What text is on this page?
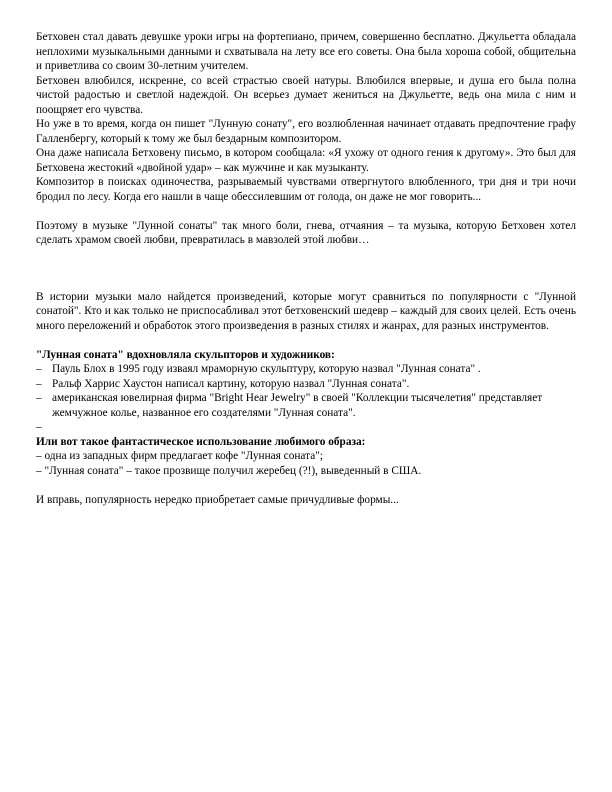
Бетховен стал давать девушке уроки игры на фортепиано, причем, совершенно бесплатно. Джульетта обладала неплохими музыкальными данными и схватывала на лету все его советы. Она была хороша собой, общительна и приветлива со своим 30-летним учителем.

Бетховен влюбился, искренне, со всей страстью своей натуры. Влюбился впервые, и душа его была полна чистой радостью и светлой надеждой. Он всерьез думает жениться на Джульетте, ведь она мила с ним и поощряет его чувства.

Но уже в то время, когда он пишет "Лунную сонату", его возлюбленная начинает отдавать предпочтение графу Галленбергу, который к тому же был бездарным композитором.

Она даже написала Бетховену письмо, в котором сообщала: «Я ухожу от одного гения к другому». Это был для Бетховена жестокий «двойной удар» – как мужчине и как музыканту.

Композитор в поисках одиночества, разрываемый чувствами отвергнутого влюбленного, три дня и три ночи бродил по лесу. Когда его нашли в чаще обессилевшим от голода, он даже не мог говорить...

Поэтому в музыке "Лунной сонаты" так много боли, гнева, отчаяния – та музыка, которую Бетховен хотел сделать храмом своей любви, превратилась в мавзолей этой любви…

В истории музыки мало найдется произведений, которые могут сравниться по популярности с "Лунной сонатой". Кто и как только не приспосабливал этот бетховенский шедевр – каждый для своих целей. Есть очень много переложений и обработок этого произведения в разных стилях и жанрах, для разных инструментов.

"Лунная соната" вдохновляла скульпторов и художников:

– Пауль Блох в 1995 году изваял мраморную скульптуру, которую назвал "Лунная соната" .
– Ральф Харрис Хаустон написал картину, которую назвал "Лунная соната".
– американская ювелирная фирма "Bright Hear Jewelry" в своей "Коллекции тысячелетия" представляет жемчужное колье, названное его создателями "Лунная соната".
–

Или вот такое фантастическое использование любимого образа:

– одна из западных фирм предлагает кофе "Лунная соната";

– "Лунная соната" – такое прозвище получил жеребец (?!), выведенный в США.

И вправь, популярность нередко приобретает самые причудливые формы...
